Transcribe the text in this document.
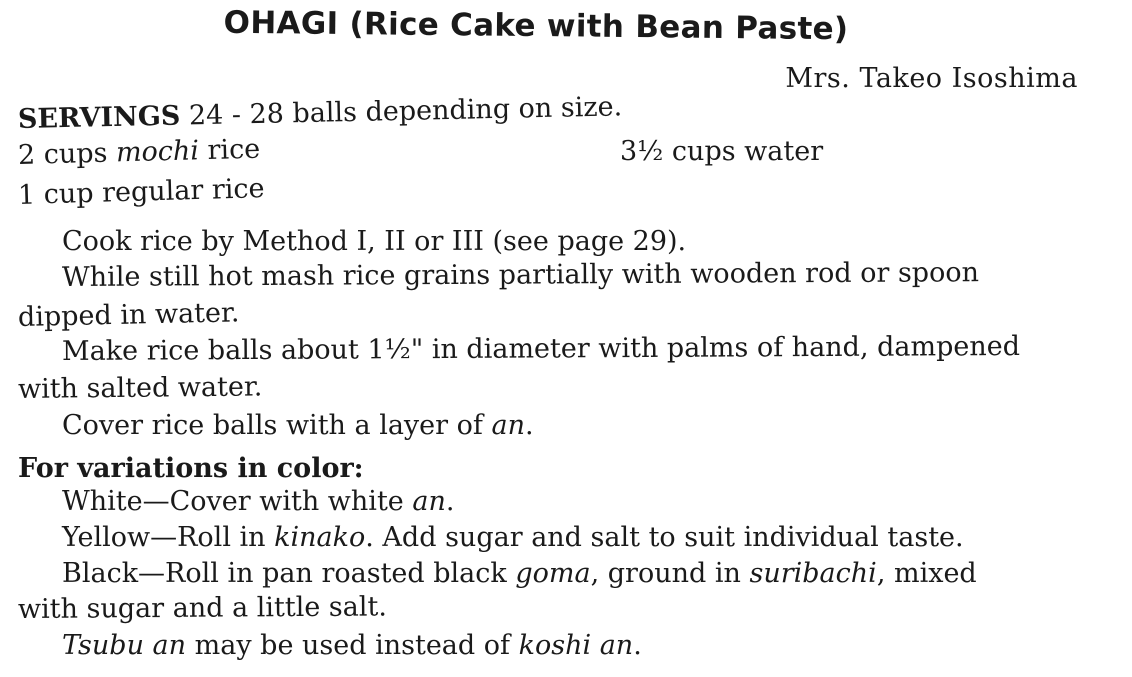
OHAGI (Rice Cake with Bean Paste)
Mrs. Takeo Isoshima
SERVINGS 24 - 28 balls depending on size.
2 cups mochi rice	3½ cups water
1 cup regular rice
Cook rice by Method I, II or III (see page 29).
While still hot mash rice grains partially with wooden rod or spoon
dipped in water.
Make rice balls about 1½" in diameter with palms of hand, dampened
with salted water.
Cover rice balls with a layer of an.
For variations in color:
White—Cover with white an.
Yellow—Roll in kinako. Add sugar and salt to suit individual taste.
Black—Roll in pan roasted black goma, ground in suribachi, mixed
with sugar and a little salt.
Tsubu an may be used instead of koshi an.
